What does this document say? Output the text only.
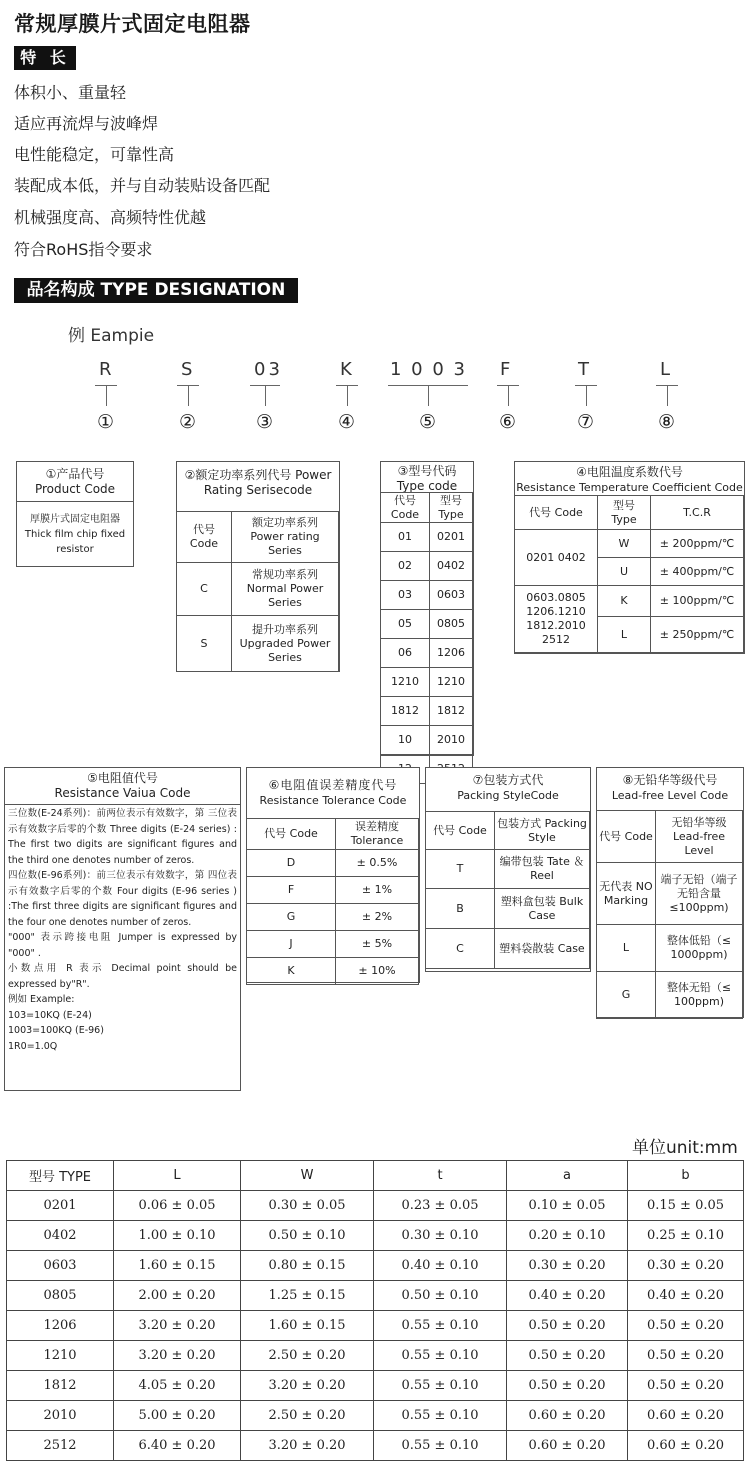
常规厚膜片式固定电阻器
特 长
体积小、重量轻
适应再流焊与波峰焊
电性能稳定，可靠性高
装配成本低，并与自动装贴设备匹配
机械强度高、高频特性优越
符合RoHS指令要求
品名构成 TYPE DESIGNATION
例 Eampie
R	S	03	K 1 0 0 3 F	T	L
①	②	③	④	⑤	⑥	⑦	⑧
①产品代号
Product Code
厚膜片式固定电阻器
Thick film chip fixed resistor
②额定功率系列代号 Power Rating Serisecode
代号 Code	额定功率系列 Power rating Series
C	常规功率系列 Normal Power Series
S	提升功率系列 Upgraded Power Series
③型号代码
Type code
代号 Code	型号 Type
01	0201
02	0402
03	0603
05	0805
06	1206
1210	1210
1812	1812
10	2010

④电阻温度系数代号
Resistance Temperature Coefficient Code
代号 Code	型号 Type	T.C.R
0201 0402	W	± 200ppm/℃
	U	± 400ppm/℃
0603.0805 1206.1210 1812.2010 2512	K	± 100ppm/℃
	L	± 250ppm/℃
⑤电阻值代号
Resistance Vaiua Code
三位数(E-24系列)：前两位表示有效数字，第 三位表示有效数字后零的个数 Three digits (E-24 series) : The first two digits are significant figures and the third one denotes number of zeros.
四位数(E-96系列)：前三位表示有效数字，第 四位表示有效数字后零的个数 Four digits (E-96 series ) :The first three digits are significant figures and the four one denotes number of zeros.
"000" 表示跨接电阻 Jumper is expressed by "000" .
小数点用 R 表示 Decimal point should be expressed by"R".
例如 Example:
103=10KQ (E-24)
1003=100KQ (E-96)
1R0=1.0Q
⑥电阻值误差精度代号
Resistance Tolerance Code
代号 Code	误差精度 Tolerance
D	± 0.5%
F	± 1%
G	± 2%
J	± 5%
K	± 10%
⑦包装方式代
Packing StyleCode
代号 Code	包装方式 Packing Style
T	编带包装 Tate ＆Reel
B	塑料盒包装 Bulk Case
C	塑料袋散装 Case
⑧无铅华等级代号
Lead-free Level Code
代号 Code	无铅华等级 Lead-free Level
无代表 NO Marking	端子无铅（端子无铅含量 ≤100ppm)
L	整体低铅（≤ 1000ppm)
G	整体无铅（≤ 100ppm)
单位unit:mm
型号 TYPE	L	W	t	a	b
0201	0.06 ± 0.05	0.30 ± 0.05	0.23 ± 0.05	0.10 ± 0.05	0.15 ± 0.05
0402	1.00 ± 0.10	0.50 ± 0.10	0.30 ± 0.10	0.20 ± 0.10	0.25 ± 0.10
0603	1.60 ± 0.15	0.80 ± 0.15	0.40 ± 0.10	0.30 ± 0.20	0.30 ± 0.20
0805	2.00 ± 0.20	1.25 ± 0.15	0.50 ± 0.10	0.40 ± 0.20	0.40 ± 0.20
1206	3.20 ± 0.20	1.60 ± 0.15	0.55 ± 0.10	0.50 ± 0.20	0.50 ± 0.20
1210	3.20 ± 0.20	2.50 ± 0.20	0.55 ± 0.10	0.50 ± 0.20	0.50 ± 0.20
1812	4.05 ± 0.20	3.20 ± 0.20	0.55 ± 0.10	0.50 ± 0.20	0.50 ± 0.20
2010	5.00 ± 0.20	2.50 ± 0.20	0.55 ± 0.10	0.60 ± 0.20	0.60 ± 0.20
2512	6.40 ± 0.20	3.20 ± 0.20	0.55 ± 0.10	0.60 ± 0.20	0.60 ± 0.20
